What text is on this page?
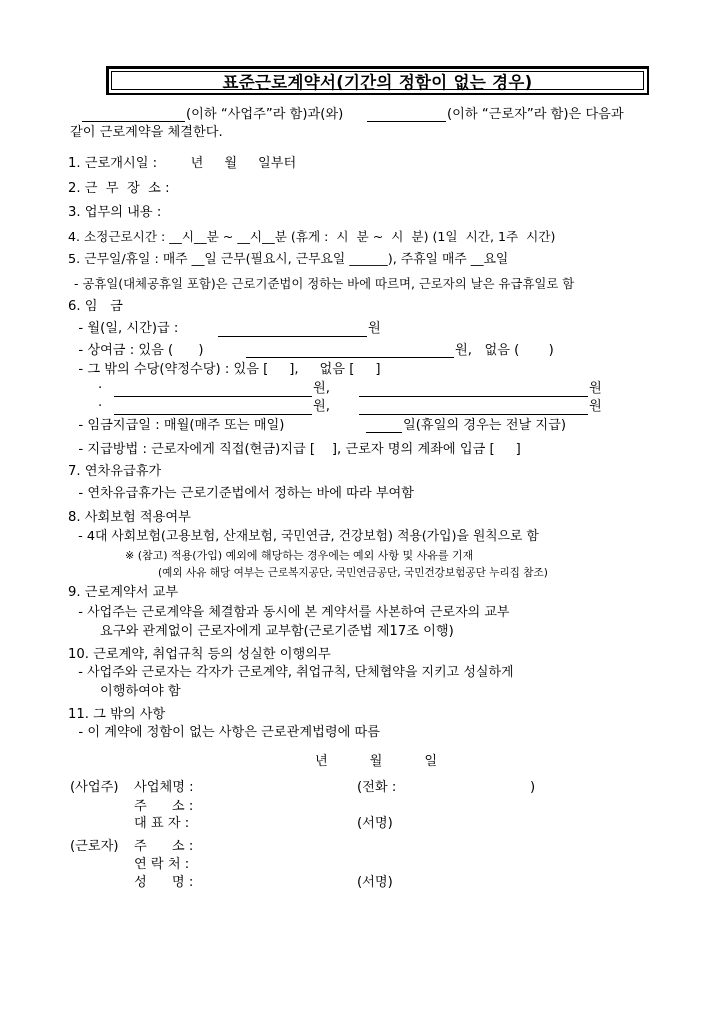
표준근로계약서(기간의 정함이 없는 경우)
(이하 “사업주”라 함)과(와)	(이하 “근로자”라 함)은 다음과
같이 근로계약을 체결한다.
1. 근로개시일 :        년     월     일부터
2. 근  무  장  소 :
3. 업무의 내용 :
4. 소정근로시간 : __시__분 ~ __시__분 (휴게 :  시  분 ~  시  분) (1일  시간, 1주  시간)
5. 근무일/휴일 : 매주 __일 근무(필요시, 근무요일 ______), 주휴일 매주 __요일
- 공휴일(대체공휴일 포함)은 근로기준법이 정하는 바에 따르며, 근로자의 날은 유급휴일로 함
6. 임   금
- 월(일, 시간)급 :	원
- 상여금 : 있음 (      )	원,   없음 (       )
- 그 밖의 수당(약정수당) : 있음 [     ],     없음 [     ]
·	원,	원
·	원,	원
- 임금지급일 : 매월(매주 또는 매일)	일(휴일의 경우는 전날 지급)
- 지급방법 : 근로자에게 직접(현금)지급 [    ], 근로자 명의 계좌에 입금 [     ]
7. 연차유급휴가
- 연차유급휴가는 근로기준법에서 정하는 바에 따라 부여함
8. 사회보험 적용여부
- 4대 사회보험(고용보험, 산재보험, 국민연금, 건강보험) 적용(가입)을 원칙으로 함
※ (참고) 적용(가입) 예외에 해당하는 경우에는 예외 사항 및 사유를 기재
(예외 사유 해당 여부는 근로복지공단, 국민연금공단, 국민건강보험공단 누리집 참조)
9. 근로계약서 교부
- 사업주는 근로계약을 체결함과 동시에 본 계약서를 사본하여 근로자의 교부
요구와 관계없이 근로자에게 교부함(근로기준법 제17조 이행)
10. 근로계약, 취업규칙 등의 성실한 이행의무
- 사업주와 근로자는 각자가 근로계약, 취업규칙, 단체협약을 지키고 성실하게
이행하여야 함
11. 그 밖의 사항
- 이 계약에 정함이 없는 사항은 근로관계법령에 따름
년          월          일
(사업주) 사업체명 :	(전화 :	)
주      소 :
대 표 자 :	(서명)
(근로자) 주      소 :
연 락 처 :
성      명 :	(서명)
